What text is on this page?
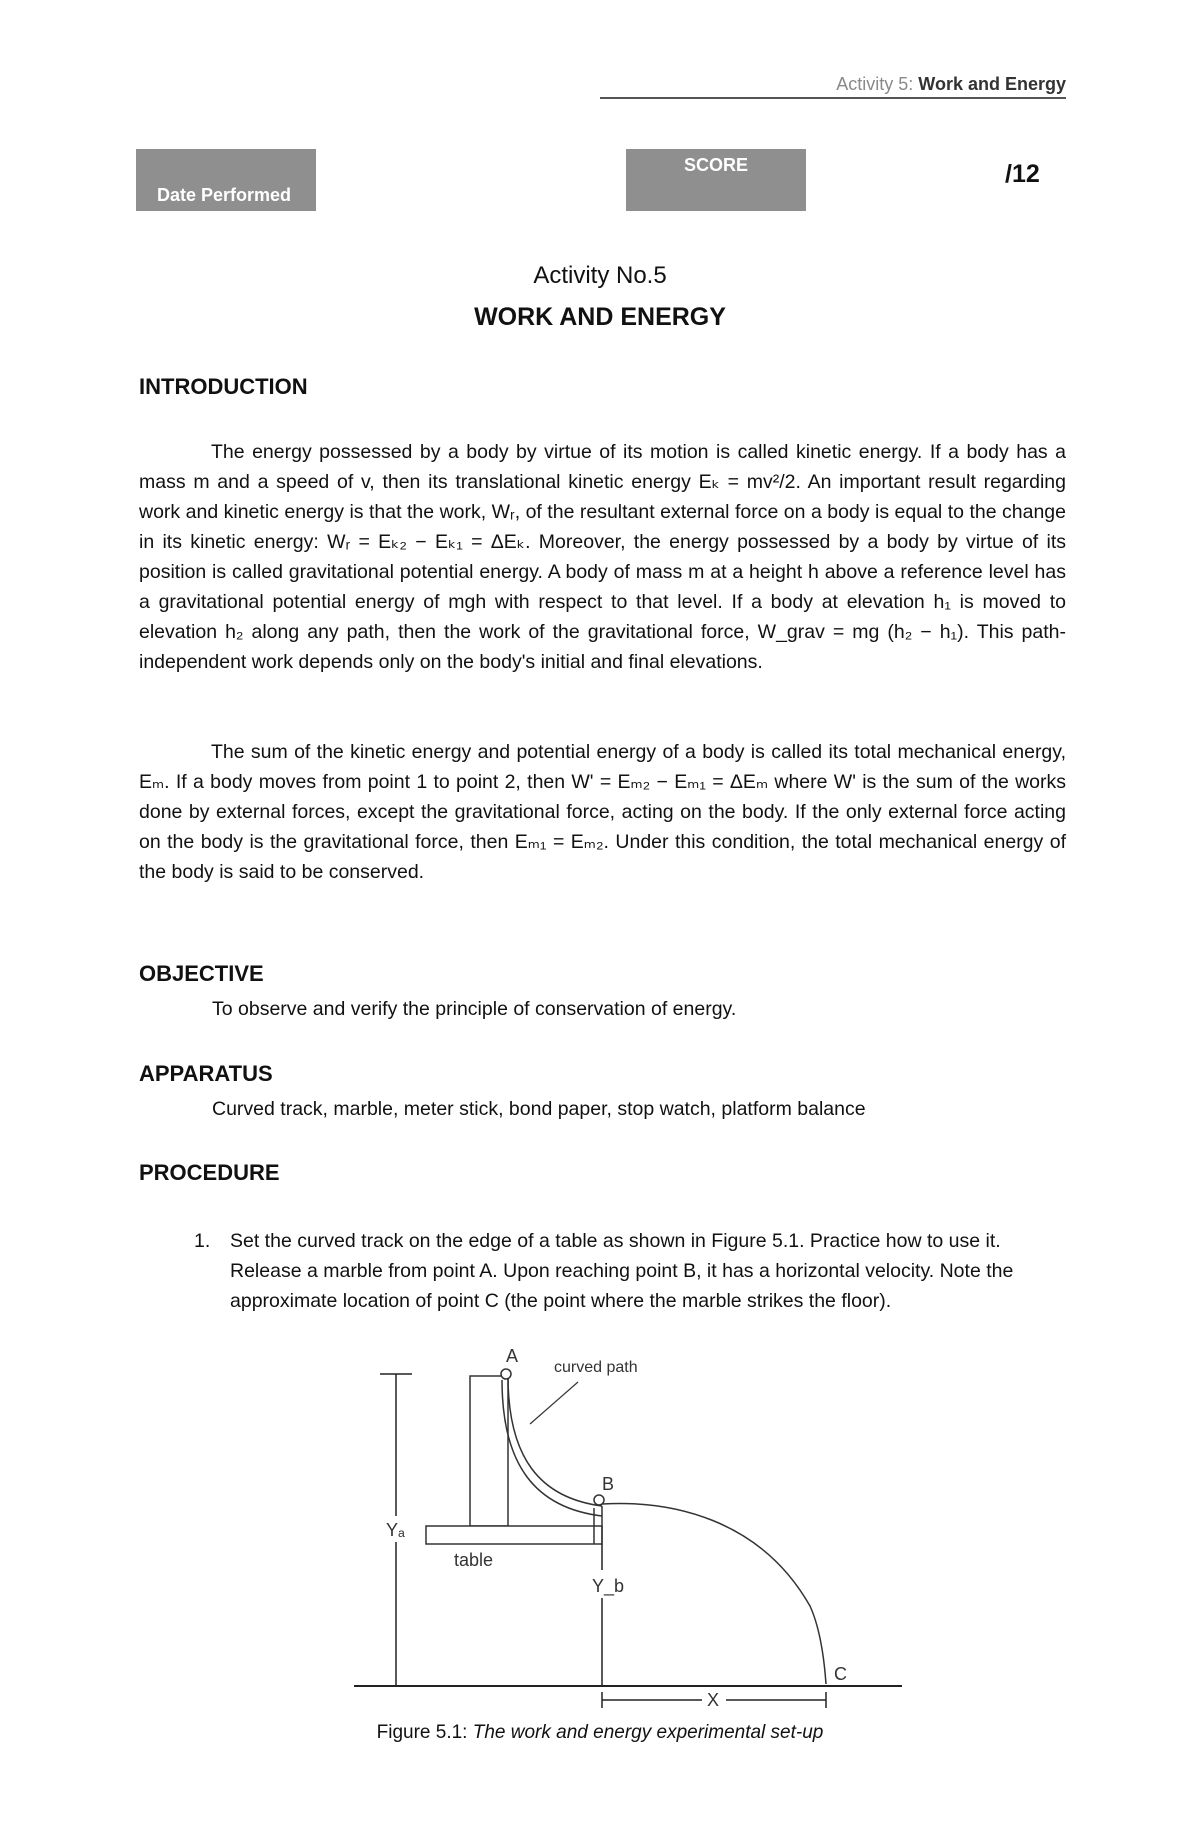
Activity 5: Work and Energy
Date Performed
SCORE	/12
Activity No.5
WORK AND ENERGY
INTRODUCTION

The energy possessed by a body by virtue of its motion is called kinetic energy. If a body has a mass m and a speed of v, then its translational kinetic energy Eₖ = mv²/2. An important result regarding work and kinetic energy is that the work, Wᵣ, of the resultant external force on a body is equal to the change in its kinetic energy: Wᵣ = Eₖ₂ − Eₖ₁ = ΔEₖ. Moreover, the energy possessed by a body by virtue of its position is called gravitational potential energy. A body of mass m at a height h above a reference level has a gravitational potential energy of mgh with respect to that level. If a body at elevation h₁ is moved to elevation h₂ along any path, then the work of the gravitational force, W_grav = mg (h₂ − h₁). This path-independent work depends only on the body's initial and final elevations.

The sum of the kinetic energy and potential energy of a body is called its total mechanical energy, Eₘ. If a body moves from point 1 to point 2, then W' = Eₘ₂ − Eₘ₁ = ΔEₘ where W' is the sum of the works done by external forces, except the gravitational force, acting on the body. If the only external force acting on the body is the gravitational force, then Eₘ₁ = Eₘ₂. Under this condition, the total mechanical energy of the body is said to be conserved.

OBJECTIVE
To observe and verify the principle of conservation of energy.
APPARATUS
Curved track, marble, meter stick, bond paper, stop watch, platform balance
PROCEDURE
1. Set the curved track on the edge of a table as shown in Figure 5.1. Practice how to use it. Release a marble from point A. Upon reaching point B, it has a horizontal velocity. Note the approximate location of point C (the point where the marble strikes the floor).
Yₐ
table
A
B
curved path
Y_b
C
X
Figure 5.1: The work and energy experimental set-up
